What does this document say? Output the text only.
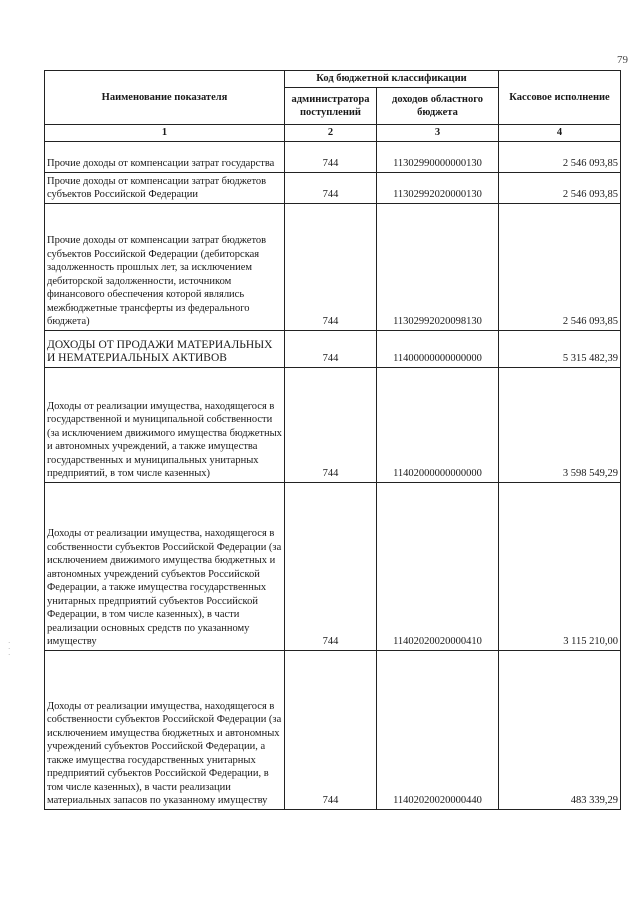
79
·
·
·
Наименование показателя	Код бюджетной классификации		Кассовое исполнение
	администратора поступлений	доходов областного бюджета	
1	2	3	4
Прочие доходы от компенсации затрат государства	744	11302990000000130	2 546 093,85
Прочие доходы от компенсации затрат бюджетов субъектов Российской Федерации	744	11302992020000130	2 546 093,85
Прочие доходы от компенсации затрат бюджетов субъектов Российской Федерации (дебиторская задолженность прошлых лет, за исключением дебиторской задолженности, источником финансового обеспечения которой являлись межбюджетные трансферты из федерального бюджета)	744	11302992020098130	2 546 093,85
ДОХОДЫ ОТ ПРОДАЖИ МАТЕРИАЛЬНЫХ И НЕМАТЕРИАЛЬНЫХ АКТИВОВ	744	11400000000000000	5 315 482,39
Доходы от реализации имущества, находящегося в государственной и муниципальной собственности (за исключением движимого имущества бюджетных и автономных учреждений, а также имущества государственных и муниципальных унитарных предприятий, в том числе казенных)	744	11402000000000000	3 598 549,29
Доходы от реализации имущества, находящегося в собственности субъектов Российской Федерации (за исключением движимого имущества бюджетных и автономных учреждений субъектов Российской Федерации, а также имущества государственных унитарных предприятий субъектов Российской Федерации, в том числе казенных), в части реализации основных средств по указанному имуществу	744	11402020020000410	3 115 210,00
Доходы от реализации имущества, находящегося в собственности субъектов Российской Федерации (за исключением имущества бюджетных и автономных учреждений субъектов Российской Федерации, а также имущества государственных унитарных предприятий субъектов Российской Федерации, в том числе казенных), в части реализации материальных запасов по указанному имуществу	744	11402020020000440	483 339,29
